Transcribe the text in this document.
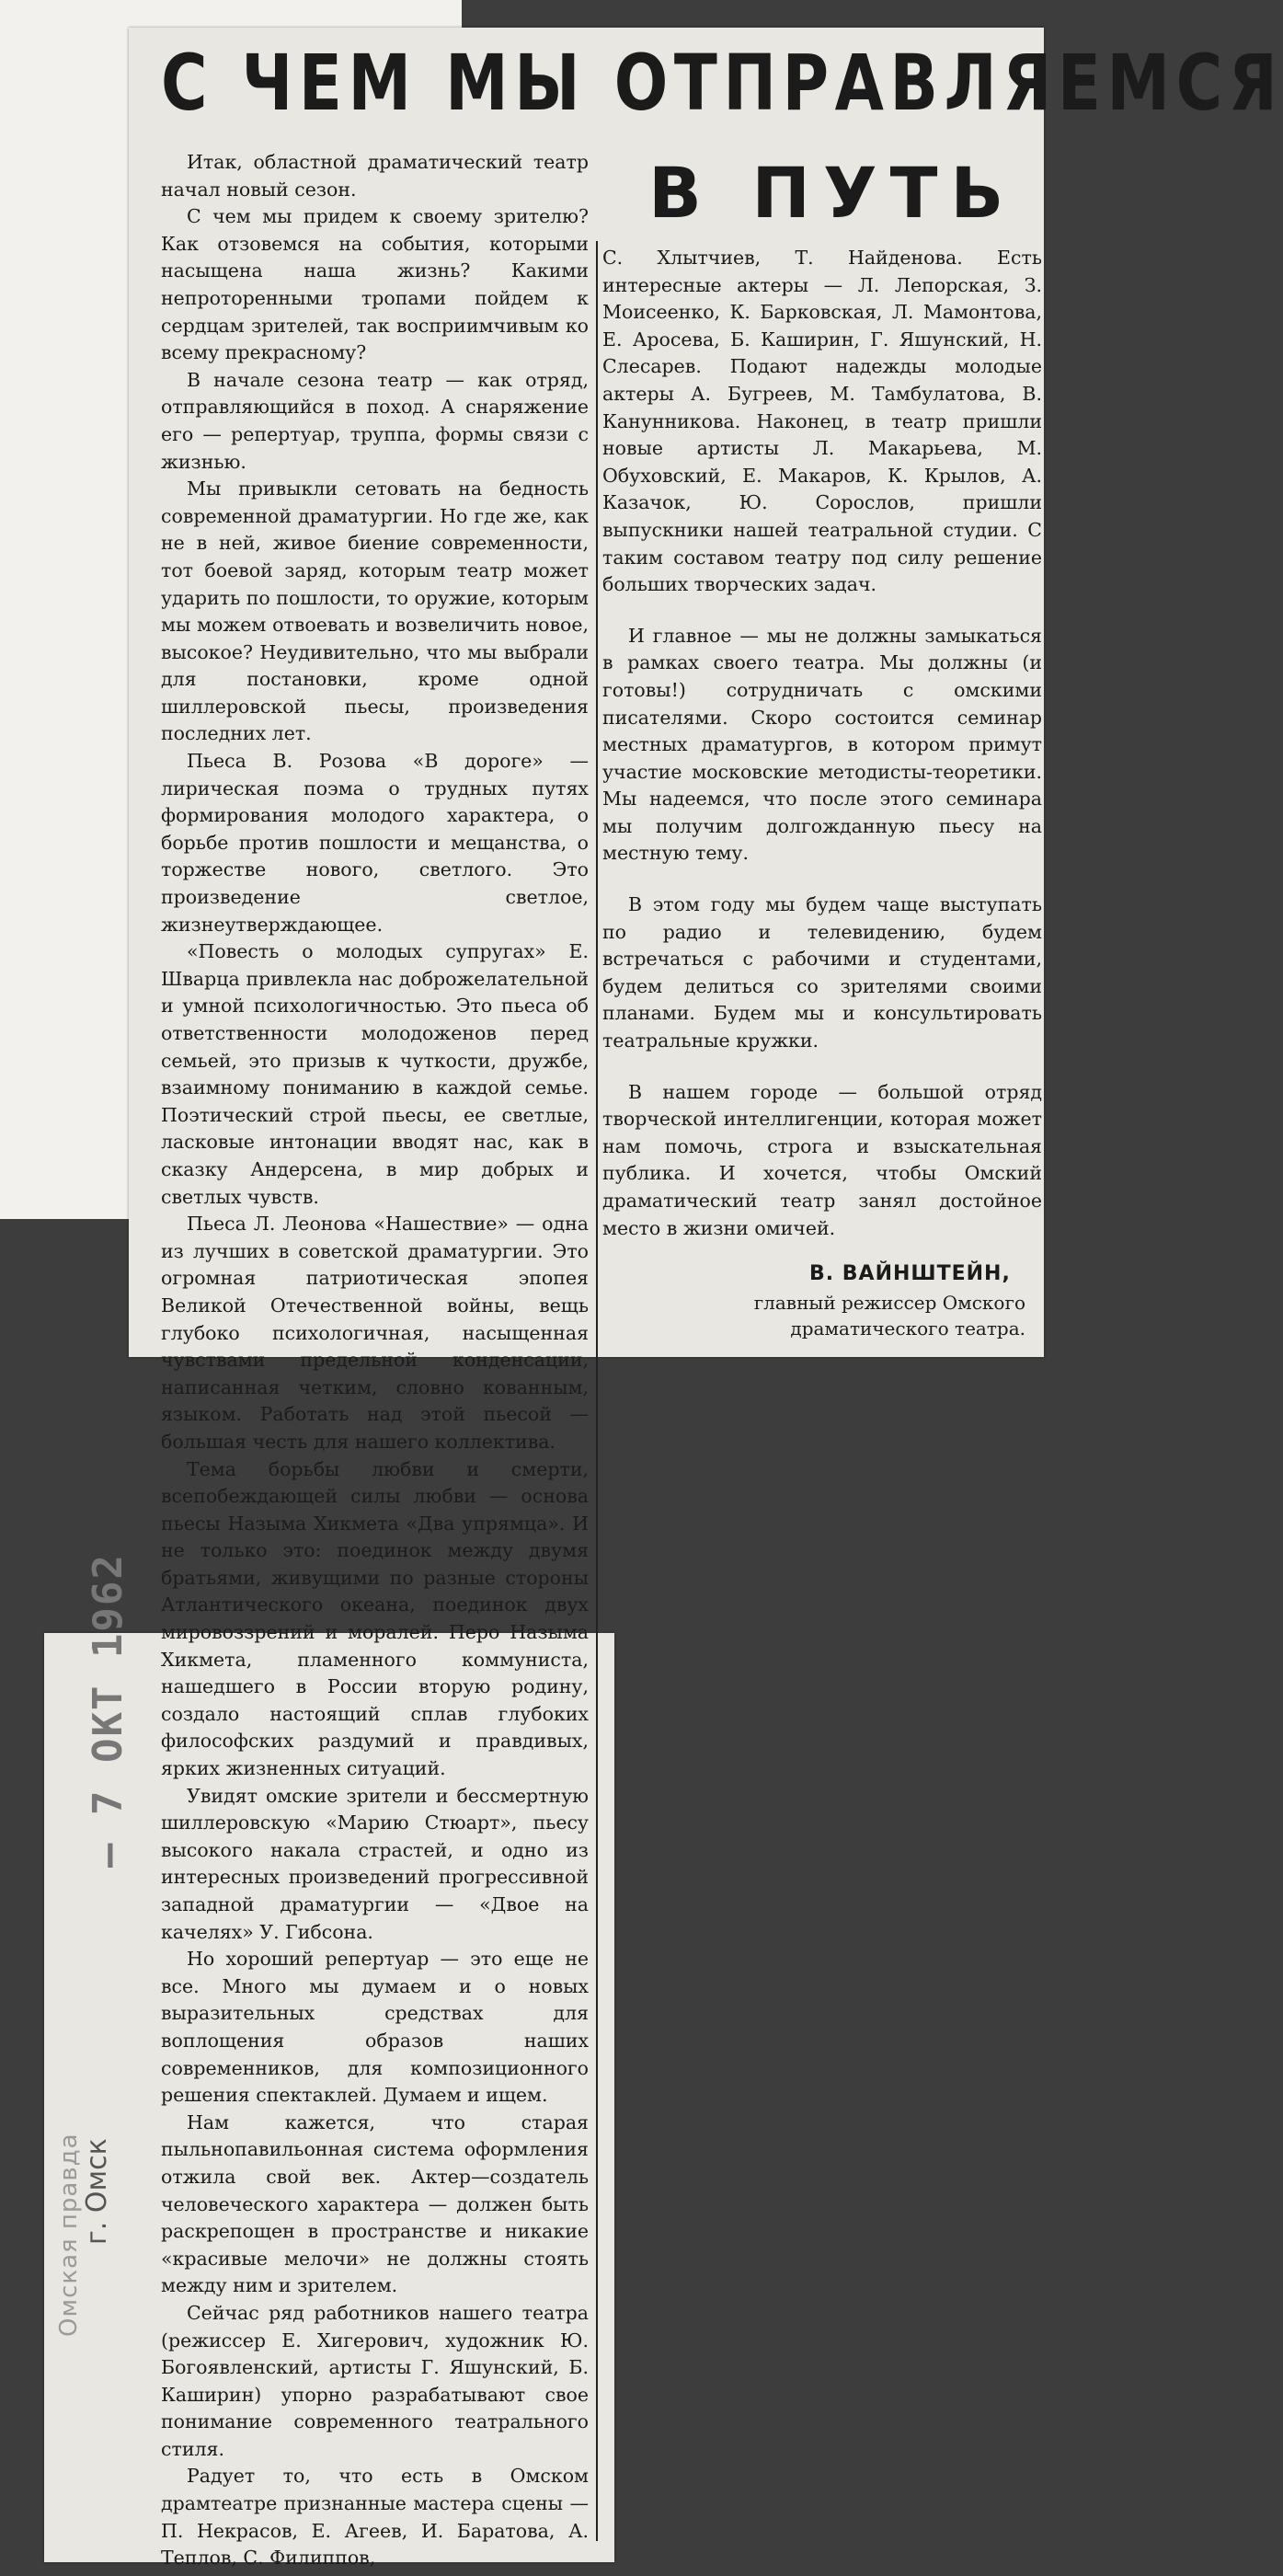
С ЧЕМ МЫ ОТПРАВЛЯЕМСЯ
В ПУТЬ

Итак, областной драматический театр начал новый сезон.

С чем мы придем к своему зрителю? Как отзовемся на события, которыми насыщена наша жизнь? Какими непроторенными тропами пойдем к сердцам зрителей, так восприимчивым ко всему прекрасному?

В начале сезона театр — как отряд, отправляющийся в поход. А снаряжение его — репертуар, труппа, формы связи с жизнью.

Мы привыкли сетовать на бедность современной драматургии. Но где же, как не в ней, живое биение современности, тот боевой заряд, которым театр может ударить по пошлости, то оружие, которым мы можем отвоевать и возвеличить новое, высокое? Неудивительно, что мы выбрали для постановки, кроме одной шиллеровской пьесы, произведения последних лет.

Пьеса В. Розова «В дороге» — лирическая поэма о трудных путях формирования молодого характера, о борьбе против пошлости и мещанства, о торжестве нового, светлого. Это произведение светлое, жизнеутверждающее.

«Повесть о молодых супругах» Е. Шварца привлекла нас доброжелательной и умной психологичностью. Это пьеса об ответственности молодоженов перед семьей, это призыв к чуткости, дружбе, взаимному пониманию в каждой семье. Поэтический строй пьесы, ее светлые, ласковые интонации вводят нас, как в сказку Андерсена, в мир добрых и светлых чувств.

Пьеса Л. Леонова «Нашествие» — одна из лучших в советской драматургии. Это огромная патриотическая эпопея Великой Отечественной войны, вещь глубоко психологичная, насыщенная чувствами предельной конденсации, написанная четким, словно кованным, языком. Работать над этой пьесой — большая честь для нашего коллектива.

Тема борьбы любви и смерти, всепобеждающей силы любви — основа пьесы Назыма Хикмета «Два упрямца». И не только это: поединок между двумя братьями, живущими по разные стороны Атлантического океана, поединок двух мировоззрений и моралей. Перо Назыма Хикмета, пламенного коммуниста, нашедшего в России вторую родину, создало настоящий сплав глубоких философских раздумий и правдивых, ярких жизненных ситуаций.

Увидят омские зрители и бессмертную шиллеровскую «Марию Стюарт», пьесу высокого накала страстей, и одно из интересных произведений прогрессивной западной драматургии — «Двое на качелях» У. Гибсона.

Но хороший репертуар — это еще не все. Много мы думаем и о новых выразительных средствах для воплощения образов наших современников, для композиционного решения спектаклей. Думаем и ищем.

Нам кажется, что старая пыльнопавильонная система оформления отжила свой век. Актер—создатель человеческого характера — должен быть раскрепощен в пространстве и никакие «красивые мелочи» не должны стоять между ним и зрителем.

Сейчас ряд работников нашего театра (режиссер Е. Хигерович, художник Ю. Богоявленский, артисты Г. Яшунский, Б. Каширин) упорно разрабатывают свое понимание современного театрального стиля.

Радует то, что есть в Омском драмтеатре признанные мастера сцены — П. Некрасов, Е. Агеев, И. Баратова, А. Теплов, С. Филиппов,

С. Хлытчиев, Т. Найденова. Есть интересные актеры — Л. Лепорская, З. Моисеенко, К. Барковская, Л. Мамонтова, Е. Аросева, Б. Каширин, Г. Яшунский, Н. Слесарев. Подают надежды молодые актеры А. Бугреев, М. Тамбулатова, В. Канунникова. Наконец, в театр пришли новые артисты Л. Макарьева, М. Обуховский, Е. Макаров, К. Крылов, А. Казачок, Ю. Сорослов, пришли выпускники нашей театральной студии. С таким составом театру под силу решение больших творческих задач.

И главное — мы не должны замыкаться в рамках своего театра. Мы должны (и готовы!) сотрудничать с омскими писателями. Скоро состоится семинар местных драматургов, в котором примут участие московские методисты-теоретики. Мы надеемся, что после этого семинара мы получим долгожданную пьесу на местную тему.

В этом году мы будем чаще выступать по радио и телевидению, будем встречаться с рабочими и студентами, будем делиться со зрителями своими планами. Будем мы и консультировать театральные кружки.

В нашем городе — большой отряд творческой интеллигенции, которая может нам помочь, строга и взыскательная публика. И хочется, чтобы Омский драматический театр занял достойное место в жизни омичей.

В. ВАЙНШТЕЙН,
главный режиссер Омского драматического театра.
— 7 ОКТ 1962
Омская правда
г. Омск
